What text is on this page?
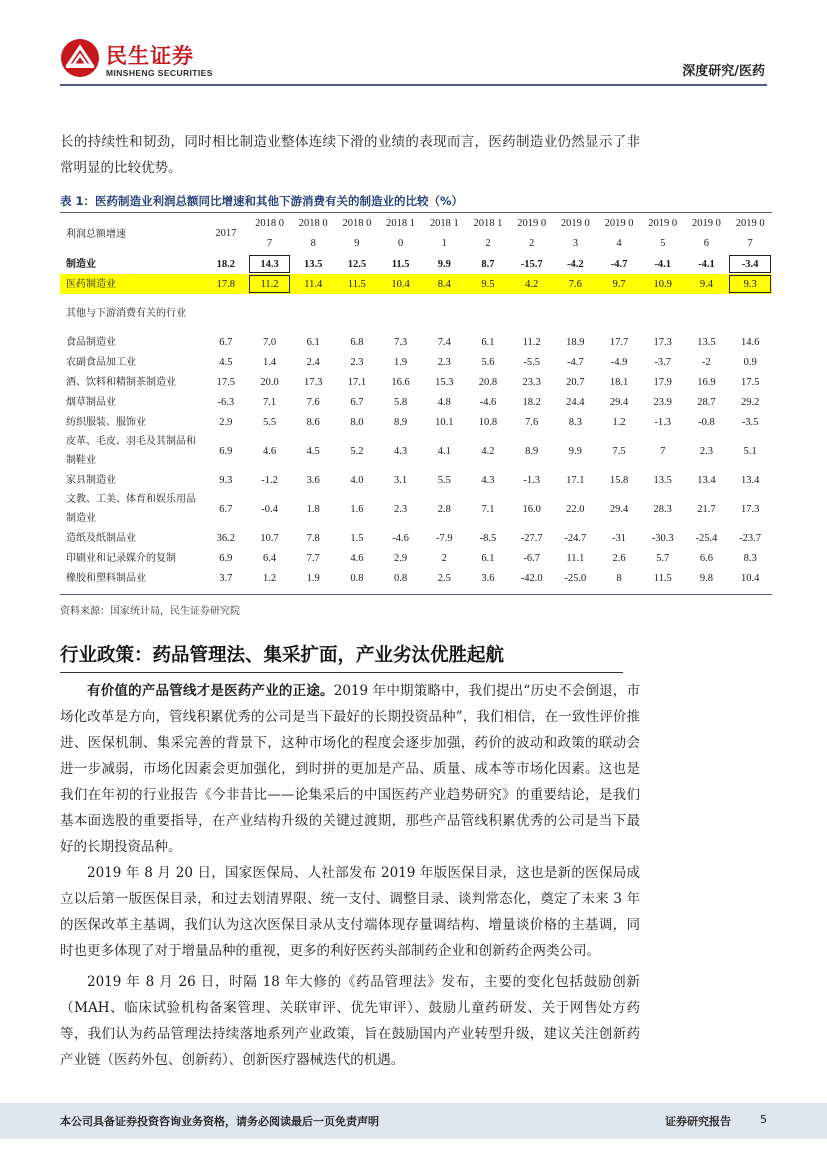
民生证券
MINSHENG SECURITIES	深度研究/医药

长的持续性和韧劲，同时相比制造业整体连续下滑的业绩的表现而言，医药制造业仍然显示了非常明显的比较优势。

表 1：医药制造业利润总额同比增速和其他下游消费有关的制造业的比较（%）
利润总额增速	2017	2018 07	2018 08	2018 09	2018 10	2018 11	2018 12	2019 02	2019 03	2019 04	2019 05	2019 06	2019 07
制造业	18.2	14.3	13.5	12.5	11.5	9.9	8.7	-15.7	-4.2	-4.7	-4.1	-4.1	-3.4
医药制造业	17.8	11.2	11.4	11.5	10.4	8.4	9.5	4.2	7.6	9.7	10.9	9.4	9.3
其他与下游消费有关的行业													
食品制造业	6.7	7.0	6.1	6.8	7.3	7.4	6.1	11.2	18.9	17.7	17.3	13.5	14.6
农副食品加工业	4.5	1.4	2.4	2.3	1.9	2.3	5.6	-5.5	-4.7	-4.9	-3.7	-2	0.9
酒、饮料和精制茶制造业	17.5	20.0	17.3	17.1	16.6	15.3	20.8	23.3	20.7	18.1	17.9	16.9	17.5
烟草制品业	-6.3	7.1	7.6	6.7	5.8	4.8	-4.6	18.2	24.4	29.4	23.9	28.7	29.2
纺织服装、服饰业	2.9	5.5	8.6	8.0	8.9	10.1	10.8	7.6	8.3	1.2	-1.3	-0.8	-3.5
皮革、毛皮、羽毛及其制品和制鞋业	6.9	4.6	4.5	5.2	4.3	4.1	4.2	8.9	9.9	7.5	7	2.3	5.1
家具制造业	9.3	-1.2	3.6	4.0	3.1	5.5	4.3	-1.3	17.1	15.8	13.5	13.4	13.4
文教、工美、体育和娱乐用品制造业	6.7	-0.4	1.8	1.6	2.3	2.8	7.1	16.0	22.0	29.4	28.3	21.7	17.3
造纸及纸制品业	36.2	10.7	7.8	1.5	-4.6	-7.9	-8.5	-27.7	-24.7	-31	-30.3	-25.4	-23.7
印刷业和记录媒介的复制	6.9	6.4	7.7	4.6	2.9	2	6.1	-6.7	11.1	2.6	5.7	6.6	8.3
橡胶和塑料制品业	3.7	1.2	1.9	0.8	0.8	2.5	3.6	-42.0	-25.0	8	11.5	9.8	10.4
资料来源：国家统计局，民生证券研究院
行业政策：药品管理法、集采扩面，产业劣汰优胜起航

有价值的产品管线才是医药产业的正途。2019 年中期策略中，我们提出“历史不会倒退，市场化改革是方向，管线积累优秀的公司是当下最好的长期投资品种”，我们相信，在一致性评价推进、医保机制、集采完善的背景下，这种市场化的程度会逐步加强，药价的波动和政策的联动会进一步减弱，市场化因素会更加强化，到时拼的更加是产品、质量、成本等市场化因素。这也是我们在年初的行业报告《今非昔比——论集采后的中国医药产业趋势研究》的重要结论，是我们基本面选股的重要指导，在产业结构升级的关键过渡期，那些产品管线积累优秀的公司是当下最好的长期投资品种。

2019 年 8 月 20 日，国家医保局、人社部发布 2019 年版医保目录，这也是新的医保局成立以后第一版医保目录，和过去划清界限、统一支付、调整目录、谈判常态化，奠定了未来 3 年的医保改革主基调，我们认为这次医保目录从支付端体现存量调结构、增量谈价格的主基调，同时也更多体现了对于增量品种的重视，更多的利好医药头部制药企业和创新药企两类公司。

2019 年 8 月 26 日，时隔 18 年大修的《药品管理法》发布，主要的变化包括鼓励创新（MAH、临床试验机构备案管理、关联审评、优先审评）、鼓励儿童药研发、关于网售处方药等，我们认为药品管理法持续落地系列产业政策，旨在鼓励国内产业转型升级，建议关注创新药产业链（医药外包、创新药）、创新医疗器械迭代的机遇。

本公司具备证券投资咨询业务资格，请务必阅读最后一页免责声明	证券研究报告	5
